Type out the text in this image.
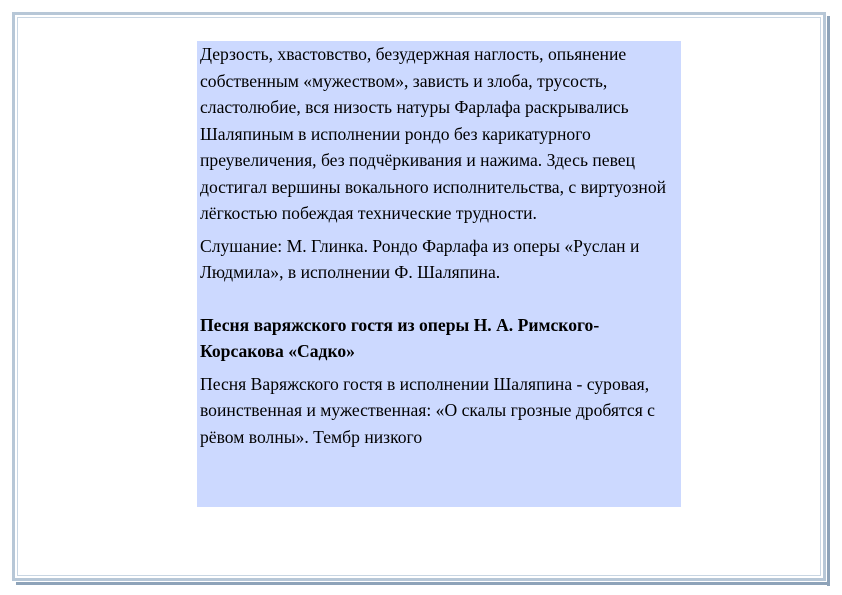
Дерзость, хвастовство, безудержная наглость, опьянение собственным «мужеством», зависть и злоба, трусость, сластолюбие, вся низость натуры Фарлафа раскрывались Шаляпиным в исполнении рондо без карикатурного преувеличения, без подчёркивания и нажима. Здесь певец достигал вершины вокального исполнительства, с виртуозной лёгкостью побеждая технические трудности.

Слушание: М. Глинка. Рондо Фарлафа из оперы «Руслан и Людмила», в исполнении Ф. Шаляпина.

Песня варяжского гостя из оперы Н. А. Римского-Корсакова «Садко»

Песня Варяжского гостя в исполнении Шаляпина - суровая, воинственная и мужественная: «О скалы грозные дробятся с рёвом волны». Тембр низкого
